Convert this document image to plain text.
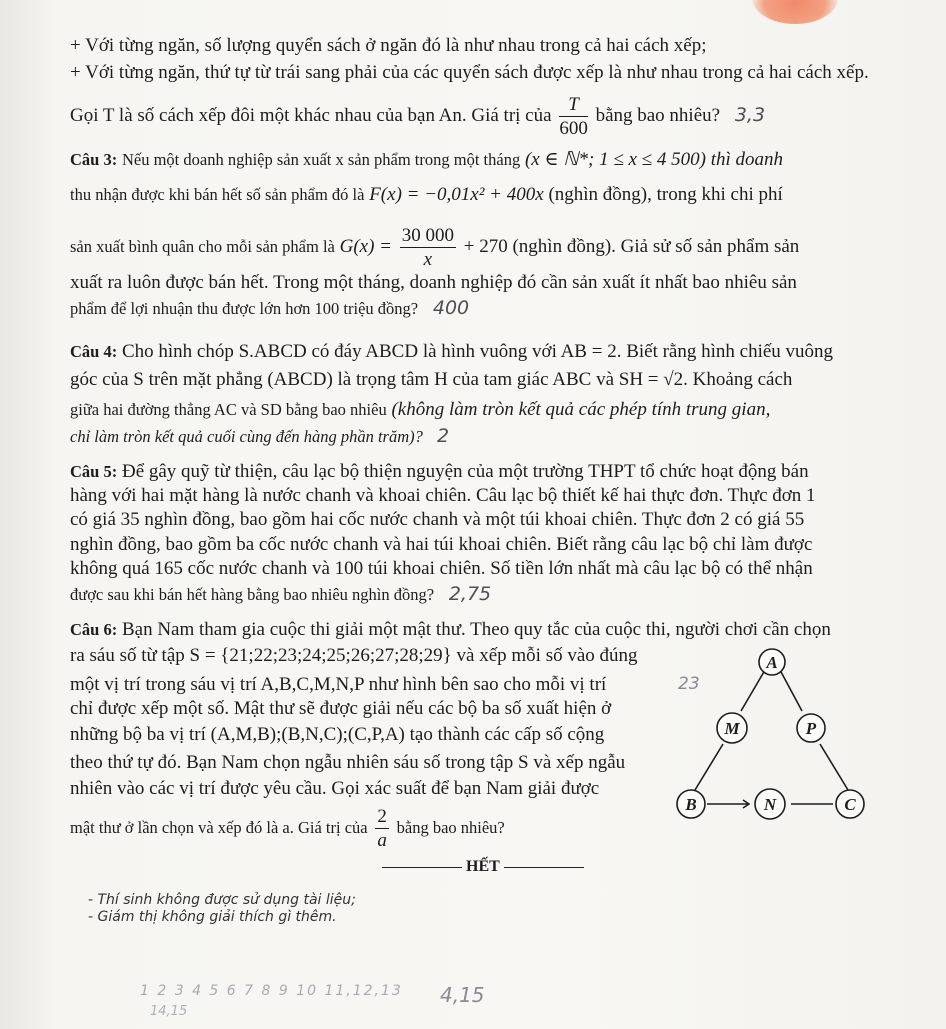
+ Với từng ngăn, số lượng quyển sách ở ngăn đó là như nhau trong cả hai cách xếp;
+ Với từng ngăn, thứ tự từ trái sang phải của các quyển sách được xếp là như nhau trong cả hai cách xếp.
Gọi T là số cách xếp đôi một khác nhau của bạn An. Giá trị của $\frac{T}{600}$ bằng bao nhiêu? 3,3
Câu 3: Nếu một doanh nghiệp sản xuất x sản phẩm trong một tháng (x ∈ ℕ*; 1 ≤ x ≤ 4 500) thì doanh
thu nhận được khi bán hết số sản phẩm đó là F(x) = −0,01x² + 400x (nghìn đồng), trong khi chi phí
sản xuất bình quân cho mỗi sản phẩm là $G(x) = \frac{30 000}{x} + 270$ (nghìn đồng). Giả sử số sản phẩm sản
xuất ra luôn được bán hết. Trong một tháng, doanh nghiệp đó cần sản xuất ít nhất bao nhiêu sản
phẩm để lợi nhuận thu được lớn hơn 100 triệu đồng? 400
Câu 4: Cho hình chóp S.ABCD có đáy ABCD là hình vuông với AB = 2. Biết rằng hình chiếu vuông
góc của S trên mặt phẳng (ABCD) là trọng tâm H của tam giác ABC và SH = √2. Khoảng cách
giữa hai đường thẳng AC và SD bằng bao nhiêu (không làm tròn kết quả các phép tính trung gian,
chỉ làm tròn kết quả cuối cùng đến hàng phần trăm)? 2
Câu 5: Để gây quỹ từ thiện, câu lạc bộ thiện nguyện của một trường THPT tổ chức hoạt động bán
hàng với hai mặt hàng là nước chanh và khoai chiên. Câu lạc bộ thiết kế hai thực đơn. Thực đơn 1
có giá 35 nghìn đồng, bao gồm hai cốc nước chanh và một túi khoai chiên. Thực đơn 2 có giá 55
nghìn đồng, bao gồm ba cốc nước chanh và hai túi khoai chiên. Biết rằng câu lạc bộ chỉ làm được
không quá 165 cốc nước chanh và 100 túi khoai chiên. Số tiền lớn nhất mà câu lạc bộ có thể nhận
được sau khi bán hết hàng bằng bao nhiêu nghìn đồng? 2,75
Câu 6: Bạn Nam tham gia cuộc thi giải một mật thư. Theo quy tắc của cuộc thi, người chơi cần chọn
ra sáu số từ tập S = {21;22;23;24;25;26;27;28;29} và xếp mỗi số vào đúng
một vị trí trong sáu vị trí A,B,C,M,N,P như hình bên sao cho mỗi vị trí
chỉ được xếp một số. Mật thư sẽ được giải nếu các bộ ba số xuất hiện ở
những bộ ba vị trí (A,M,B);(B,N,C);(C,P,A) tạo thành các cấp số cộng
theo thứ tự đó. Bạn Nam chọn ngẫu nhiên sáu số trong tập S và xếp ngẫu
nhiên vào các vị trí được yêu cầu. Gọi xác suất để bạn Nam giải được
mật thư ở lần chọn và xếp đó là a. Giá trị của $\frac{2}{a}$ bằng bao nhiêu?
23
A
M	P
B	N	C
HẾT
- Thí sinh không được sử dụng tài liệu;
- Giám thị không giải thích gì thêm.
1 2 3 4 5 6 7 8 9 10 11,12,13 4,15
14,15
